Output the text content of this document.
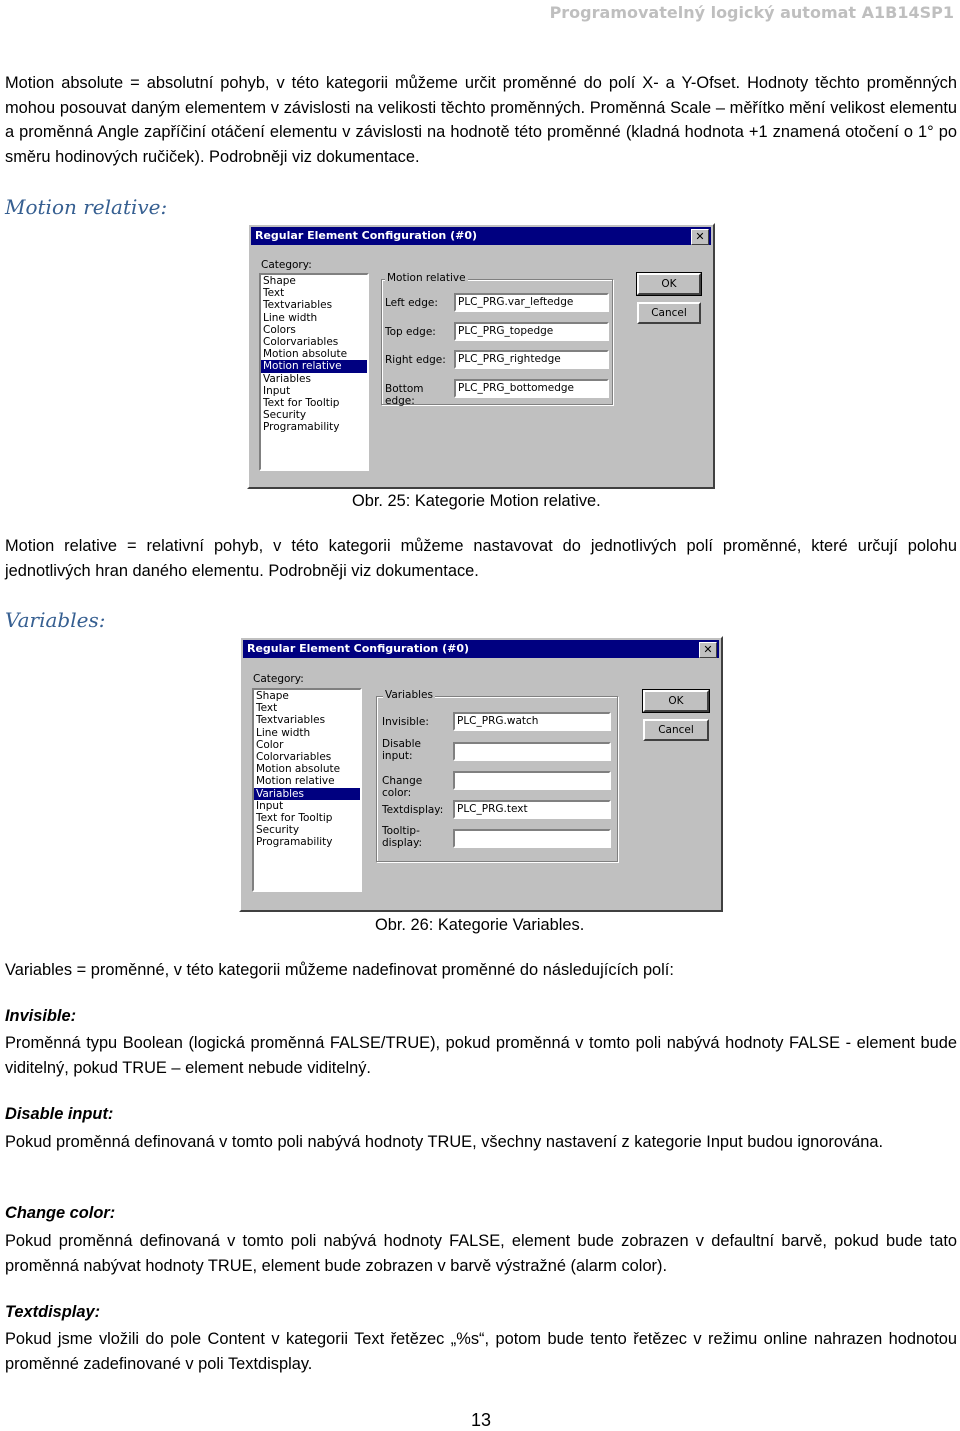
Programovatelný logický automat A1B14SP1
Motion absolute = absolutní pohyb, v této kategorii můžeme určit proměnné do polí X- a Y-Ofset. Hodnoty těchto proměnných mohou posouvat daným elementem v závislosti na velikosti těchto proměnných. Proměnná Scale – měřítko mění velikost elementu a proměnná Angle zapříčiní otáčení elementu v závislosti na hodnotě této proměnné (kladná hodnota +1 znamená otočení o 1° po směru hodinových ručiček). Podrobněji viz dokumentace.
Motion relative:
Regular Element Configuration (#0)	✕
Category:
Shape
Text
Textvariables
Line width
Colors
Colorvariables
Motion absolute
Motion relative
Variables
Input
Text for Tooltip
Security
Programability
Motion relative
Left edge:	PLC_PRG.var_leftedge
Top edge:	PLC_PRG_topedge
Right edge:	PLC_PRG_rightedge
Bottom edge:
PLC_PRG_bottomedge
OK
Cancel
Obr. 25: Kategorie Motion relative.
Motion relative = relativní pohyb, v této kategorii můžeme nastavovat do jednotlivých polí proměnné, které určují polohu jednotlivých hran daného elementu. Podrobněji viz dokumentace.
Variables:
Regular Element Configuration (#0)	✕
Category:
Shape
Text
Textvariables
Line width
Color
Colorvariables
Motion absolute
Motion relative
Variables
Input
Text for Tooltip
Security
Programability
Variables
Invisible:	PLC_PRG.watch
Disable input:
Change color:
Textdisplay:	PLC_PRG.text
Tooltip-display:
OK
Cancel
Obr. 26: Kategorie Variables.
Variables = proměnné, v této kategorii můžeme nadefinovat proměnné do následujících polí:
Invisible:
Proměnná typu Boolean (logická proměnná FALSE/TRUE), pokud proměnná v tomto poli nabývá hodnoty FALSE - element bude viditelný, pokud TRUE – element nebude viditelný.
Disable input:
Pokud proměnná definovaná v tomto poli nabývá hodnoty TRUE, všechny nastavení z kategorie Input budou ignorována.
Change color:
Pokud proměnná definovaná v tomto poli nabývá hodnoty FALSE, element bude zobrazen v defaultní barvě, pokud bude tato proměnná nabývat hodnoty TRUE, element bude zobrazen v barvě výstražné (alarm color).
Textdisplay:
Pokud jsme vložili do pole Content v kategorii Text řetězec „%s“, potom bude tento řetězec v režimu online nahrazen hodnotou proměnné zadefinované v poli Textdisplay.
13
